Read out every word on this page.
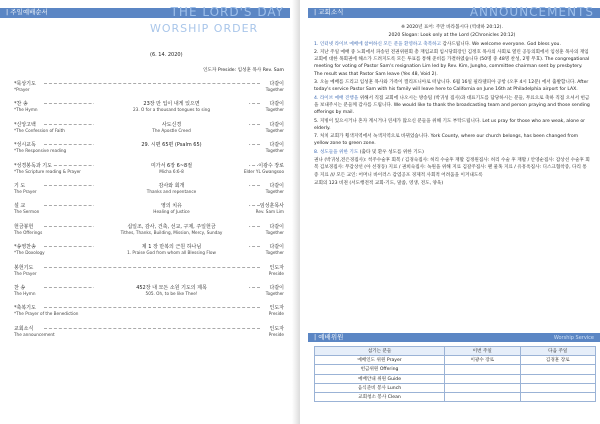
| 주일예배순서	THE LORD'S DAY
WORSHIP ORDER
(6. 14. 2020)
인도자 Preside: 임성훈 목사 Rev. Sam
*묵상기도	다같이
*Prayer	Together
*찬 송	23장 만 입이 내게 있으면	다같이
*The Hymn	23. O for a thousand tongues to sing	Together
*신앙고백	사도신경	다같이
*The Confession of Faith	The Apostle Creed	Together
*성시교독	29. 시편 65편 (Psalm 65)	다같이
*The Responsive reading	Together
*성경봉독과 기도	미가서 6장 6~8절	이광수 장로
*The Scripture reading & Prayer	Micha 6:6-8	Elder YL Gwangsoo
기 도	감사와 회개	다같이
The Prayer	Thanks and repentance	Together
설 교	영의 치유	임성훈목사
The Sermon	Healing of Justice	Rev. Sam Lim
헌금봉헌	십일조, 감사, 건축, 선교, 구제, 주일헌금	다같이
The Offerings	Tithes, Thanks, Building, Mission, Mercy, Sunday	Together
*송영찬송	제 1 장 만복의 근원 하나님	다같이
*The Doxology	1. Praise God from whom all Blessing Flow	Together
봉헌기도	인도자
The Prayer	Preside
찬 송	452장 내 모든 소원 기도의 제목	다같이
The Hymn	505. Oh, to be like Thee!	Together
*축복기도	인도자
*The Prayer of the Benediction	Preside
교회소식	인도자
The announcement	Preside
| 교회소식	ANNOUNCEMENTS

※ 2020년 표어: 주만 바라봅시다 (역대하 20:12).

2020 Slogan: Look only at the Lord (2Chronicles 20:12)

1. 인터넷 라이브 예배에 참여하신 모든 분을 환영하고 축복하고 감사드립니다. We welcome everyone. God bless you.

2. 지난 주일 예배 중 노회에서 파송된 전권위원회 총 재임교회 임시당회장인 김정호 목사의 사회로 열린 공동의회에서 임성훈 목사의 재임교회에 대한 목회권에 해소가 드려지도록 모든 투표를 통해 준비를 가결하였습니다 (50명 중 48명 찬성, 2명 무효). The congregational meeting for voting of Pastor Sam's resignation Lim led by Rev. Kim, Jungho, committee chairman sent by presbytery. The result was that Pastor Sam leave (Yes 48, Void 2).

3. 오늘 예배를 드리고 임성훈 목사와 가족이 캘리포니아로 떠납니다. 6월 16일 필라델피아 공항 (오후 4시 12분) 에서 출발합니다. After today's service Pastor Sam with his family will leave here to California on June 16th at Philadelphia airport for LAX.

4. 라이브 예배 진행을 위해서 직접 교회에 나오시는 방송팀 (박귀성 집사)과 대표기도를 담당하시는 분들, 무료으로 축하 직접 오셔서 헌금을 보내주시는 분들께 감사를 드립니다. We would like to thank the broadcasting team and person praying and those sending offerings by mail.

5. 지빙이 있으시거나 혼자 계시거나 연세가 많으신 분들을 위해 기도 부탁드립니다. Let us pray for those who are weak, alone or elderly.

7. 처치 교회가 횡색지역에서 녹색지역으로 바뀌었습니다. York County, where our church belongs, has been changed from yellow zone to green zone.

8. 성도들을 위한 기도 (출타 및 환우 성도를 위한 기도)

권나 (박귀성,전은경집사): 척주수술후 회복 / 김경숙집사: 허리 수술후 재활 김정원집사: 허리 수술 후 재활 / 안영순집사: 갑상선 수술후 회복 김보경집사: 무갑상선 (아 선경동) 지료 / 권희숙집사: 녹원을 위해 지료 김갈주집사: 팬 물혹 지료 / 유흥옥집사: 디스크협착증, 다리 통증 지료 /// 모든 교인: 어머니 바이러스 감염공포 경제적 사회적 어려움을 이겨내도록

교회의 123 비젼 (서도행전적 교회-기도, 말씀, 영생, 전도, 양육)

| 예배위원	Worship Service
섬기는 분들	이번 주일	다음 주일
예배인도 위원 Prayer	이광수 장로	김경훈 장로
헌금위원 Offering		
예배안내 위원 Guide		
음식준비 봉사 Lunch		
교회청소 봉사 Clean		
